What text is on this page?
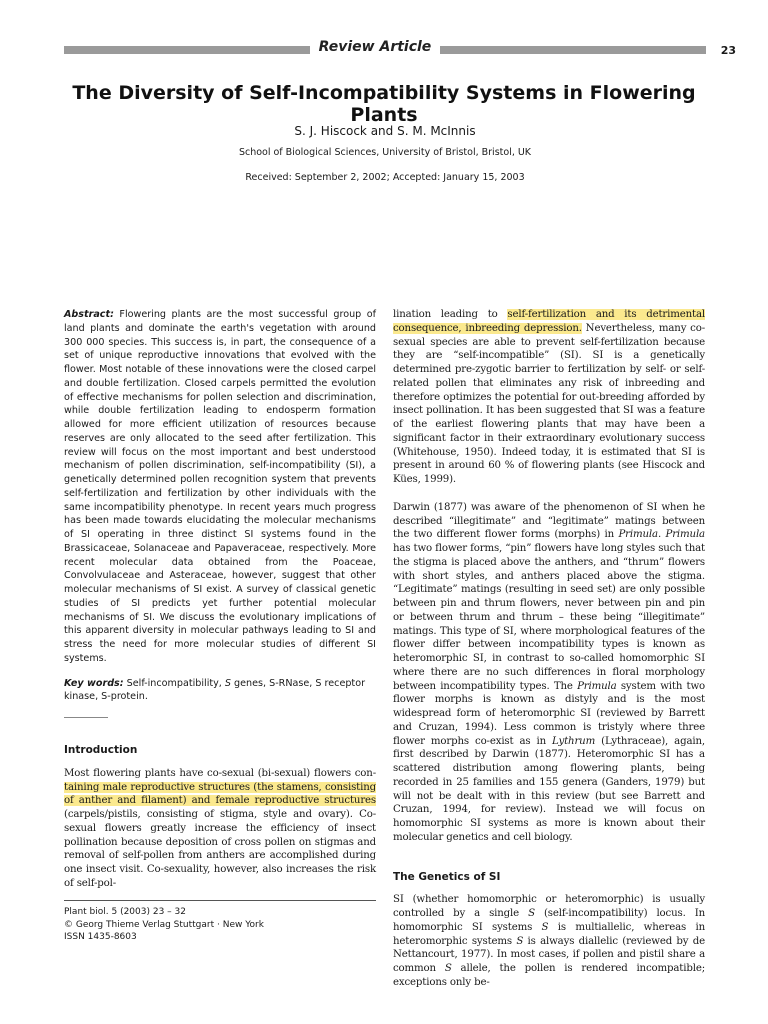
Review Article	23
The Diversity of Self-Incompatibility Systems in Flowering Plants
S. J. Hiscock and S. M. McInnis
School of Biological Sciences, University of Bristol, Bristol, UK
Received: September 2, 2002; Accepted: January 15, 2003

Abstract: Flowering plants are the most successful group of land plants and dominate the earth's vegetation with around 300 000 species. This success is, in part, the consequence of a set of unique reproductive innovations that evolved with the flower. Most notable of these innovations were the closed carpel and double fertilization. Closed carpels permitted the evolution of effective mechanisms for pollen selection and discrimination, while double fertilization leading to endosperm formation allowed for more efficient utilization of resources because reserves are only allocated to the seed after fertilization. This review will focus on the most important and best understood mechanism of pollen discrimination, self-incompatibility (SI), a genetically determined pollen recognition system that prevents self-fertilization and fertilization by other individuals with the same incompatibility phenotype. In recent years much progress has been made towards elucidating the molecular mechanisms of SI operating in three distinct SI systems found in the Brassicaceae, Solanaceae and Papaveraceae, respectively. More recent molecular data obtained from the Poaceae, Convolvulaceae and Asteraceae, however, suggest that other molecular mechanisms of SI exist. A survey of classical genetic studies of SI predicts yet further potential molecular mechanisms of SI. We discuss the evolutionary implications of this apparent diversity in molecular pathways leading to SI and stress the need for more molecular studies of different SI systems.

Key words: Self-incompatibility, S genes, S-RNase, S receptor kinase, S-protein.

Introduction

Most flowering plants have co-sexual (bi-sexual) flowers con-taining male reproductive structures (the stamens, consisting of anther and filament) and female reproductive structures (carpels/pistils, consisting of stigma, style and ovary). Co-sexual flowers greatly increase the efficiency of insect pollination because deposition of cross pollen on stigmas and removal of self-pollen from anthers are accomplished during one insect visit. Co-sexuality, however, also increases the risk of self-pol-

lination leading to self-fertilization and its detrimental consequence, inbreeding depression. Nevertheless, many co-sexual species are able to prevent self-fertilization because they are “self-incompatible” (SI). SI is a genetically determined pre-zygotic barrier to fertilization by self- or self-related pollen that eliminates any risk of inbreeding and therefore optimizes the potential for out-breeding afforded by insect pollination. It has been suggested that SI was a feature of the earliest flowering plants that may have been a significant factor in their extraordinary evolutionary success (Whitehouse, 1950). Indeed today, it is estimated that SI is present in around 60 % of flowering plants (see Hiscock and Kües, 1999).

Darwin (1877) was aware of the phenomenon of SI when he described “illegitimate” and “legitimate” matings between the two different flower forms (morphs) in Primula. Primula has two flower forms, “pin” flowers have long styles such that the stigma is placed above the anthers, and “thrum” flowers with short styles, and anthers placed above the stigma. “Legitimate” matings (resulting in seed set) are only possible between pin and thrum flowers, never between pin and pin or between thrum and thrum – these being “illegitimate” matings. This type of SI, where morphological features of the flower differ between incompatibility types is known as heteromorphic SI, in contrast to so-called homomorphic SI where there are no such differences in floral morphology between incompatibility types. The Primula system with two flower morphs is known as distyly and is the most widespread form of heteromorphic SI (reviewed by Barrett and Cruzan, 1994). Less common is tristyly where three flower morphs co-exist as in Lythrum (Lythraceae), again, first described by Darwin (1877). Heteromorphic SI has a scattered distribution among flowering plants, being recorded in 25 families and 155 genera (Ganders, 1979) but will not be dealt with in this review (but see Barrett and Cruzan, 1994, for review). Instead we will focus on homomorphic SI systems as more is known about their molecular genetics and cell biology.

The Genetics of SI

SI (whether homomorphic or heteromorphic) is usually controlled by a single S (self-incompatibility) locus. In homomorphic SI systems S is multiallelic, whereas in heteromorphic systems S is always diallelic (reviewed by de Nettancourt, 1977). In most cases, if pollen and pistil share a common S allele, the pollen is rendered incompatible; exceptions only be-

Plant biol. 5 (2003) 23 – 32
© Georg Thieme Verlag Stuttgart · New York
ISSN 1435-8603
